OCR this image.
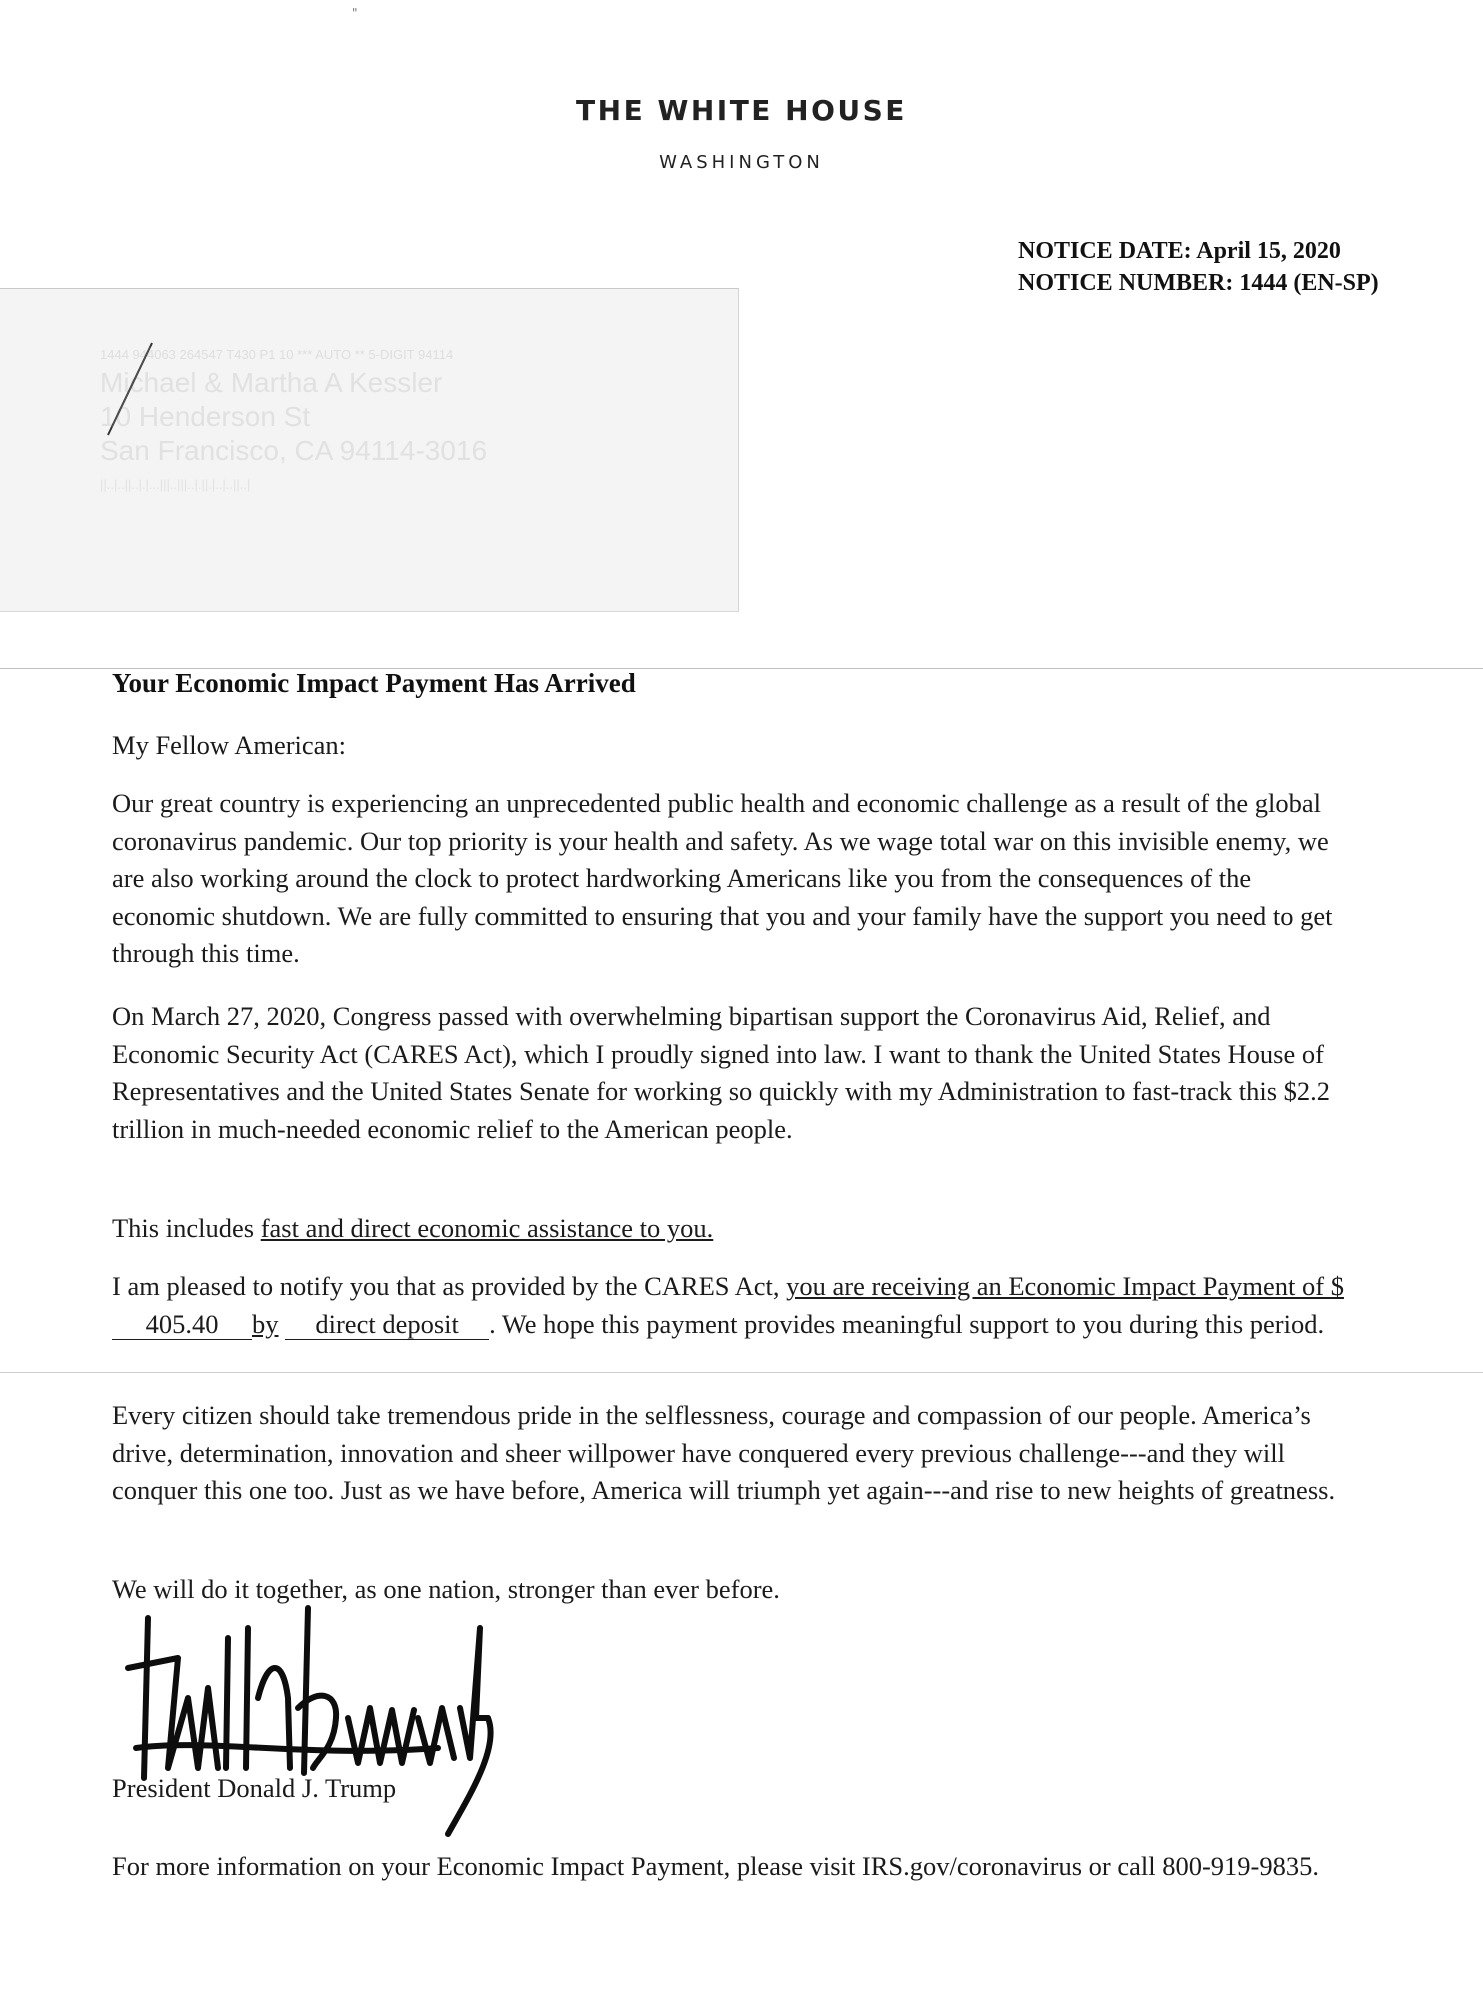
"
THE WHITE HOUSE
WASHINGTON
NOTICE DATE: April 15, 2020
NOTICE NUMBER: 1444 (EN-SP)
1444 944063 264547 T430 P1 10 *** AUTO ** 5-DIGIT 94114
Michael & Martha A Kessler
10 Henderson St
San Francisco, CA 94114-3016
||..|..||..|.|...|||..|||..|.||.|..|..||..|
Your Economic Impact Payment Has Arrived
My Fellow American:

Our great country is experiencing an unprecedented public health and economic challenge as a result of the global coronavirus pandemic. Our top priority is your health and safety. As we wage total war on this invisible enemy, we are also working around the clock to protect hardworking Americans like you from the consequences of the economic shutdown. We are fully committed to ensuring that you and your family have the support you need to get through this time.

On March 27, 2020, Congress passed with overwhelming bipartisan support the Coronavirus Aid, Relief, and Economic Security Act (CARES Act), which I proudly signed into law. I want to thank the United States House of Representatives and the United States Senate for working so quickly with my Administration to fast-track this $2.2 trillion in much-needed economic relief to the American people.

This includes fast and direct economic assistance to you.

I am pleased to notify you that as provided by the CARES Act, you are receiving an Economic Impact Payment of $405.40 by direct deposit . We hope this payment provides meaningful support to you during this period.

Every citizen should take tremendous pride in the selflessness, courage and compassion of our people. America’s drive, determination, innovation and sheer willpower have conquered every previous challenge---and they will conquer this one too. Just as we have before, America will triumph yet again---and rise to new heights of greatness.

We will do it together, as one nation, stronger than ever before.

President Donald J. Trump
For more information on your Economic Impact Payment, please visit IRS.gov/coronavirus or call 800-919-9835.
